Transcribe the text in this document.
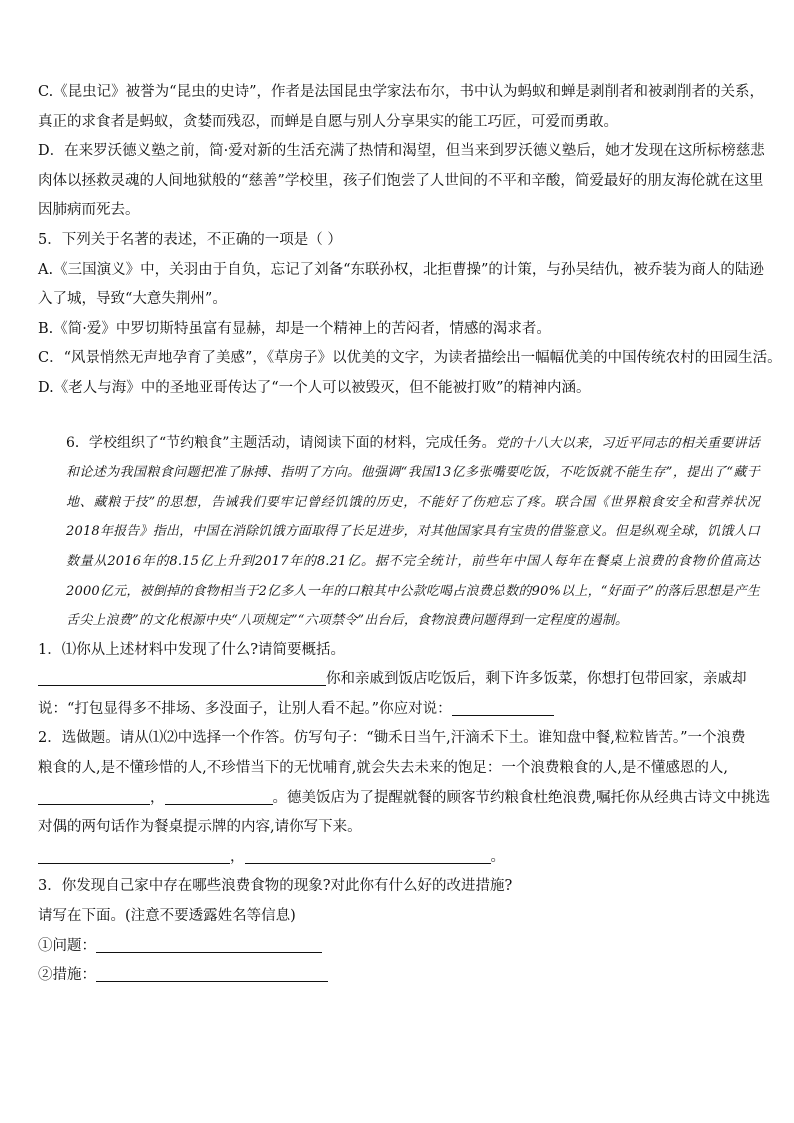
C.《昆虫记》被誉为“昆虫的史诗”，作者是法国昆虫学家法布尔，书中认为蚂蚁和蝉是剥削者和被剥削者的关系，
真正的求食者是蚂蚁，贪婪而残忍，而蝉是自愿与别人分享果实的能工巧匠，可爱而勇敢。
D．在来罗沃德义塾之前，简·爱对新的生活充满了热情和渴望，但当来到罗沃德义塾后，她才发现在这所标榜慈悲
肉体以拯救灵魂的人间地狱般的“慈善”学校里，孩子们饱尝了人世间的不平和辛酸，简爱最好的朋友海伦就在这里
因肺病而死去。
5．下列关于名著的表述，不正确的一项是（ ）
A.《三国演义》中，关羽由于自负，忘记了刘备“东联孙权，北拒曹操”的计策，与孙吴结仇，被乔装为商人的陆逊
入了城，导致“大意失荆州”。
B.《简·爱》中罗切斯特虽富有显赫，却是一个精神上的苦闷者，情感的渴求者。
C．“风景悄然无声地孕育了美感”，《草房子》以优美的文字，为读者描绘出一幅幅优美的中国传统农村的田园生活。
D.《老人与海》中的圣地亚哥传达了“一个人可以被毁灭，但不能被打败”的精神内涵。
6．学校组织了“节约粮食”主题活动，请阅读下面的材料，完成任务。党的十八大以来，习近平同志的相关重要讲话和论述为我国粮食问题把准了脉搏、指明了方向。他强调“我国13亿多张嘴要吃饭，不吃饭就不能生存”，提出了“藏于地、藏粮于技”的思想，告诫我们要牢记曾经饥饿的历史，不能好了伤疤忘了疼。联合国《世界粮食安全和营养状况2018年报告》指出，中国在消除饥饿方面取得了长足进步，对其他国家具有宝贵的借鉴意义。但是纵观全球，饥饿人口数量从2016年的8.15亿上升到2017年的8.21亿。据不完全统计，前些年中国人每年在餐桌上浪费的食物价值高达2000亿元，被倒掉的食物相当于2亿多人一年的口粮其中公款吃喝占浪费总数的90%以上，“好面子”的落后思想是产生舌尖上浪费”的文化根源中央“八项规定”“六项禁令”出台后，食物浪费问题得到一定程度的遏制。
1．⑴你从上述材料中发现了什么?请简要概括。
你和亲戚到饭店吃饭后，剩下许多饭菜，你想打包带回家，亲戚却
说：“打包显得多不排场、多没面子，让别人看不起。”你应对说：
2．选做题。请从⑴⑵中选择一个作答。仿写句子：“锄禾日当午,汗滴禾下土。谁知盘中餐,粒粒皆苦。”一个浪费
粮食的人,是不懂珍惜的人,不珍惜当下的无忧哺育,就会失去未来的饱足：一个浪费粮食的人,是不懂感恩的人,
，	。德美饭店为了提醒就餐的顾客节约粮食杜绝浪费,嘱托你从经典古诗文中挑选
对偶的两句话作为餐桌提示牌的内容,请你写下来。
，	。
3．你发现自己家中存在哪些浪费食物的现象?对此你有什么好的改进措施?
请写在下面。(注意不要透露姓名等信息)
①问题：
②措施：
